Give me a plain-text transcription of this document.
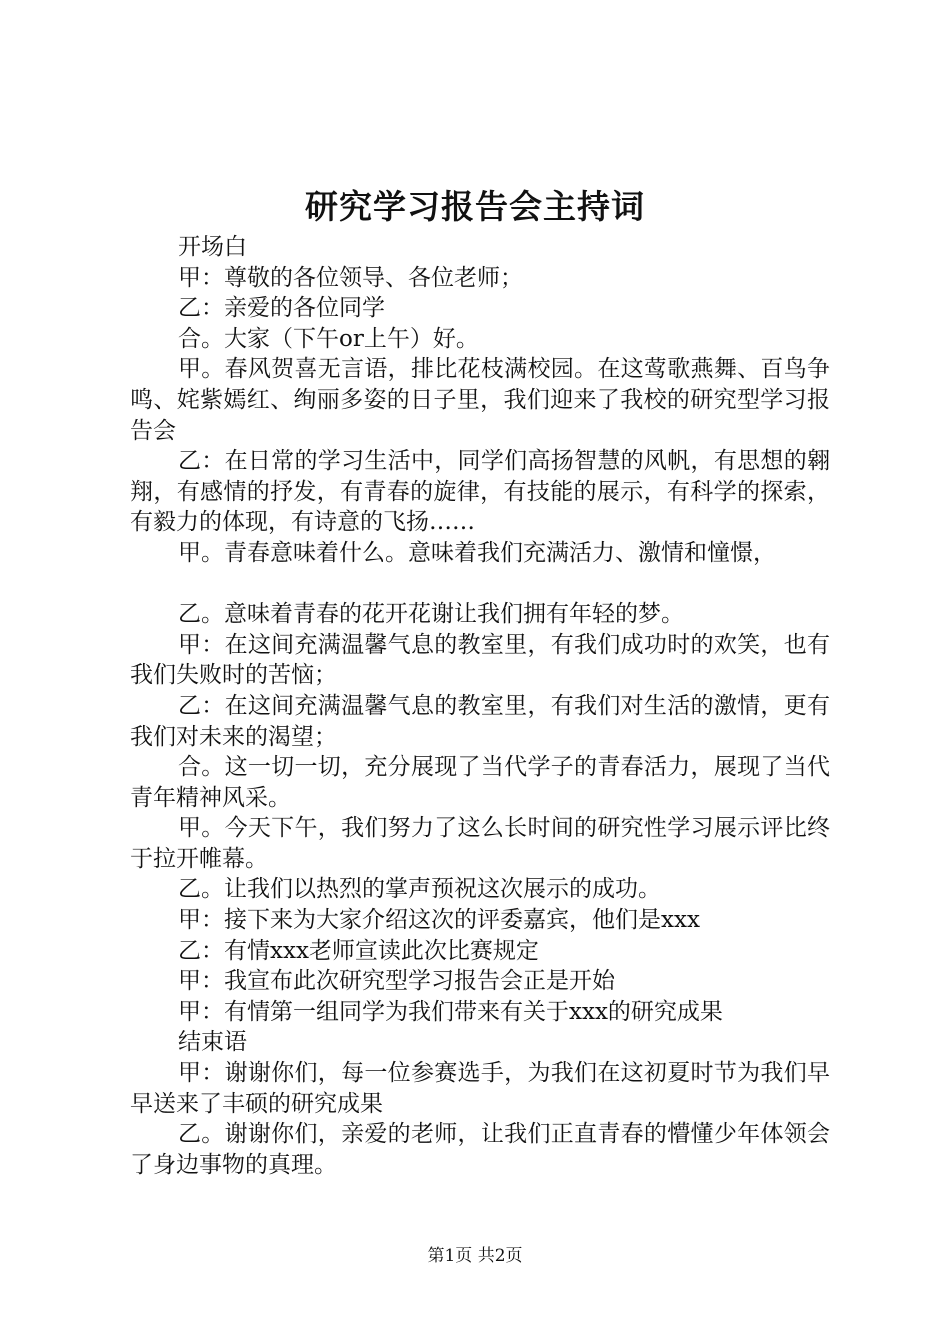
研究学习报告会主持词

开场白

甲：尊敬的各位领导、各位老师；

乙：亲爱的各位同学

合。大家（下午or上午）好。

甲。春风贺喜无言语，排比花枝满校园。在这莺歌燕舞、百鸟争鸣、姹紫嫣红、绚丽多姿的日子里，我们迎来了我校的研究型学习报告会

乙：在日常的学习生活中，同学们高扬智慧的风帆，有思想的翱翔，有感情的抒发，有青春的旋律，有技能的展示，有科学的探索，有毅力的体现，有诗意的飞扬……

甲。青春意味着什么。意味着我们充满活力、激情和憧憬，

乙。意味着青春的花开花谢让我们拥有年轻的梦。

甲：在这间充满温馨气息的教室里，有我们成功时的欢笑，也有我们失败时的苦恼；

乙：在这间充满温馨气息的教室里，有我们对生活的激情，更有我们对未来的渴望；

合。这一切一切，充分展现了当代学子的青春活力，展现了当代青年精神风采。

甲。今天下午，我们努力了这么长时间的研究性学习展示评比终于拉开帷幕。

乙。让我们以热烈的掌声预祝这次展示的成功。

甲：接下来为大家介绍这次的评委嘉宾，他们是xxx

乙：有情xxx老师宣读此次比赛规定

甲：我宣布此次研究型学习报告会正是开始

甲：有情第一组同学为我们带来有关于xxx的研究成果

结束语

甲：谢谢你们，每一位参赛选手，为我们在这初夏时节为我们早早送来了丰硕的研究成果

乙。谢谢你们，亲爱的老师，让我们正直青春的懵懂少年体领会了身边事物的真理。

第1页 共2页
